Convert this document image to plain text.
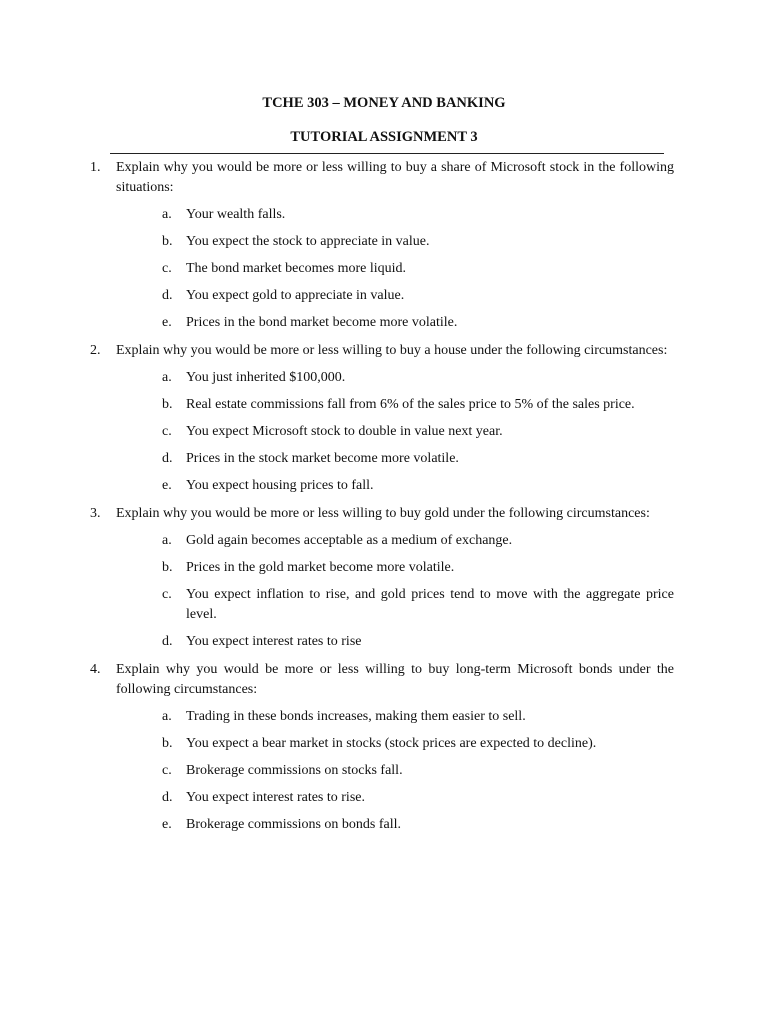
TCHE 303 – MONEY AND BANKING
TUTORIAL ASSIGNMENT 3
1.	Explain why you would be more or less willing to buy a share of Microsoft stock in the following situations:
a. Your wealth falls.
b. You expect the stock to appreciate in value.
c. The bond market becomes more liquid.
d. You expect gold to appreciate in value.
e. Prices in the bond market become more volatile.
2.	Explain why you would be more or less willing to buy a house under the following circumstances:
a. You just inherited $100,000.
b. Real estate commissions fall from 6% of the sales price to 5% of the sales price.
c. You expect Microsoft stock to double in value next year.
d. Prices in the stock market become more volatile.
e. You expect housing prices to fall.
3.	Explain why you would be more or less willing to buy gold under the following circumstances:
a. Gold again becomes acceptable as a medium of exchange.
b. Prices in the gold market become more volatile.
c. You expect inflation to rise, and gold prices tend to move with the aggregate price level.
d. You expect interest rates to rise
4.	Explain why you would be more or less willing to buy long-term Microsoft bonds under the following circumstances:
a. Trading in these bonds increases, making them easier to sell.
b. You expect a bear market in stocks (stock prices are expected to decline).
c. Brokerage commissions on stocks fall.
d. You expect interest rates to rise.
e. Brokerage commissions on bonds fall.
